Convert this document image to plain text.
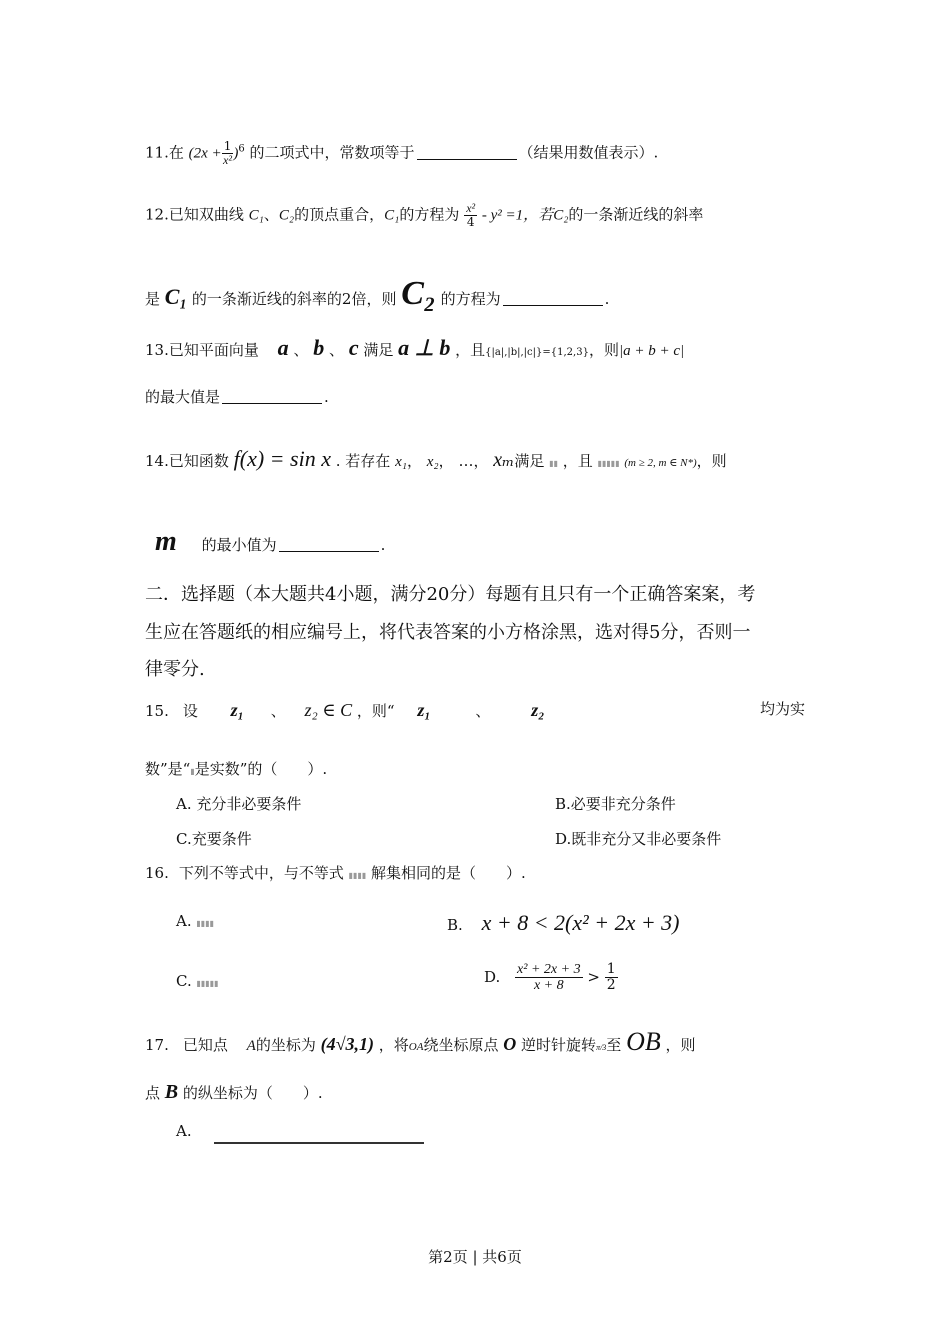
11.在 $(2x + \frac{1}{\text{x²}} )^6$ 的二项式中，常数项等于	（结果用数值表示）.
12.已知双曲线 C₁、C₂的顶点重合，C₁的方程为 $\frac{\text{x²}}{4} - y^2 =1$，若C₂的一条渐近线的斜率
是 C₁ 的一条渐近线的斜率的2倍，则 C₂ 的方程为	.
13.已知平面向量 a 、 b 、 c 满足 a ⊥ b ，且{|a|,|b|,|c|}={1,2,3}，则|a + b + c|
的最大值是	.
14.已知函数 f(x) = sin x . 若存在 x₁， x₂， …， xₘ满足 ▮▮ ，且 ▮▮▮▮▮ (m ≥ 2, m ∈ N*)，则
m 的最小值为	.
二．选择题（本大题共4小题，满分20分）每题有且只有一个正确答案案，考
生应在答题纸的相应编号上，将代表答案的小方格涂黑，选对得5分，否则一
律零分.
15. 设 z₁ 、 z₂ ∈ C ，则“ z₁	、 z₂	均为实
数”是“▮是实数”的（　　）.
A. 充分非必要条件	B.必要非充分条件
C.充要条件	D.既非充分又非必要条件
16. 下列不等式中，与不等式 ▮▮▮▮ 解集相同的是（　　）.
A. ▮▮▮▮	B. x + 8 < 2(x² + 2x + 3)
C. ▮▮▮▮▮	D. $\frac{\text{x² + 2x + 3}}{x + 8} > \frac{1}{2}$
17. 已知点 A的坐标为 (4√3,1) ，将OA绕坐标原点 O 逆时针旋转π/3至 OB ，则
点 B 的纵坐标为（　　）.
A.
第2页 | 共6页
